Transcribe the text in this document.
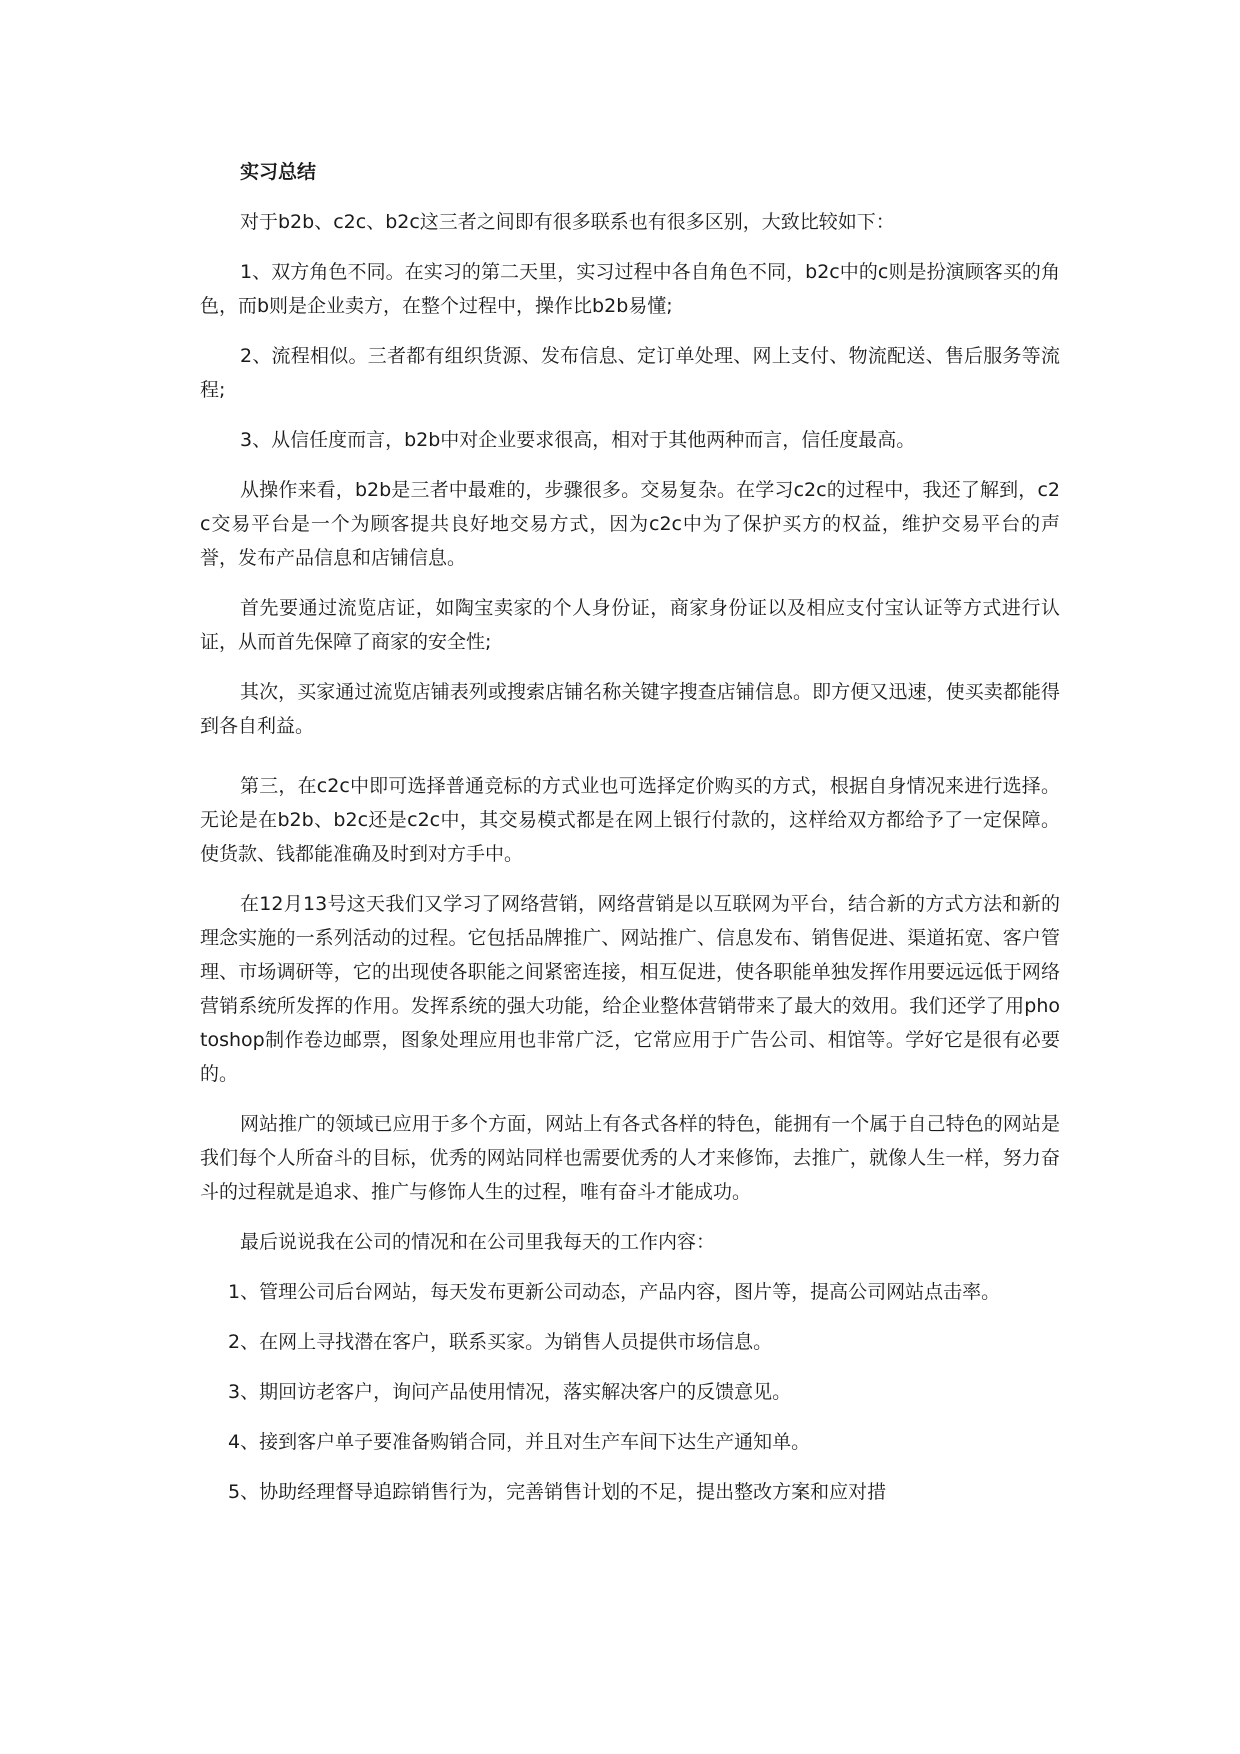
实习总结

对于b2b、c2c、b2c这三者之间即有很多联系也有很多区别，大致比较如下：

1、双方角色不同。在实习的第二天里，实习过程中各自角色不同，b2c中的c则是扮演顾客买的角色，而b则是企业卖方，在整个过程中，操作比b2b易懂;

2、流程相似。三者都有组织货源、发布信息、定订单处理、网上支付、物流配送、售后服务等流程;

3、从信任度而言，b2b中对企业要求很高，相对于其他两种而言，信任度最高。

从操作来看，b2b是三者中最难的，步骤很多。交易复杂。在学习c2c的过程中，我还了解到，c2c交易平台是一个为顾客提共良好地交易方式，因为c2c中为了保护买方的权益，维护交易平台的声誉，发布产品信息和店铺信息。

首先要通过流览店证，如陶宝卖家的个人身份证，商家身份证以及相应支付宝认证等方式进行认证，从而首先保障了商家的安全性;

其次，买家通过流览店铺表列或搜索店铺名称关键字搜查店铺信息。即方便又迅速，使买卖都能得到各自利益。

第三，在c2c中即可选择普通竞标的方式业也可选择定价购买的方式，根据自身情况来进行选择。无论是在b2b、b2c还是c2c中，其交易模式都是在网上银行付款的，这样给双方都给予了一定保障。使货款、钱都能准确及时到对方手中。

在12月13号这天我们又学习了网络营销，网络营销是以互联网为平台，结合新的方式方法和新的理念实施的一系列活动的过程。它包括品牌推广、网站推广、信息发布、销售促进、渠道拓宽、客户管理、市场调研等，它的出现使各职能之间紧密连接，相互促进，使各职能单独发挥作用要远远低于网络营销系统所发挥的作用。发挥系统的强大功能，给企业整体营销带来了最大的效用。我们还学了用photoshop制作卷边邮票，图象处理应用也非常广泛，它常应用于广告公司、相馆等。学好它是很有必要的。

网站推广的领域已应用于多个方面，网站上有各式各样的特色，能拥有一个属于自己特色的网站是我们每个人所奋斗的目标，优秀的网站同样也需要优秀的人才来修饰，去推广，就像人生一样，努力奋斗的过程就是追求、推广与修饰人生的过程，唯有奋斗才能成功。

最后说说我在公司的情况和在公司里我每天的工作内容：

1、管理公司后台网站，每天发布更新公司动态，产品内容，图片等，提高公司网站点击率。

2、在网上寻找潜在客户，联系买家。为销售人员提供市场信息。

3、期回访老客户，询问产品使用情况，落实解决客户的反馈意见。

4、接到客户单子要准备购销合同，并且对生产车间下达生产通知单。

5、协助经理督导追踪销售行为，完善销售计划的不足，提出整改方案和应对措
